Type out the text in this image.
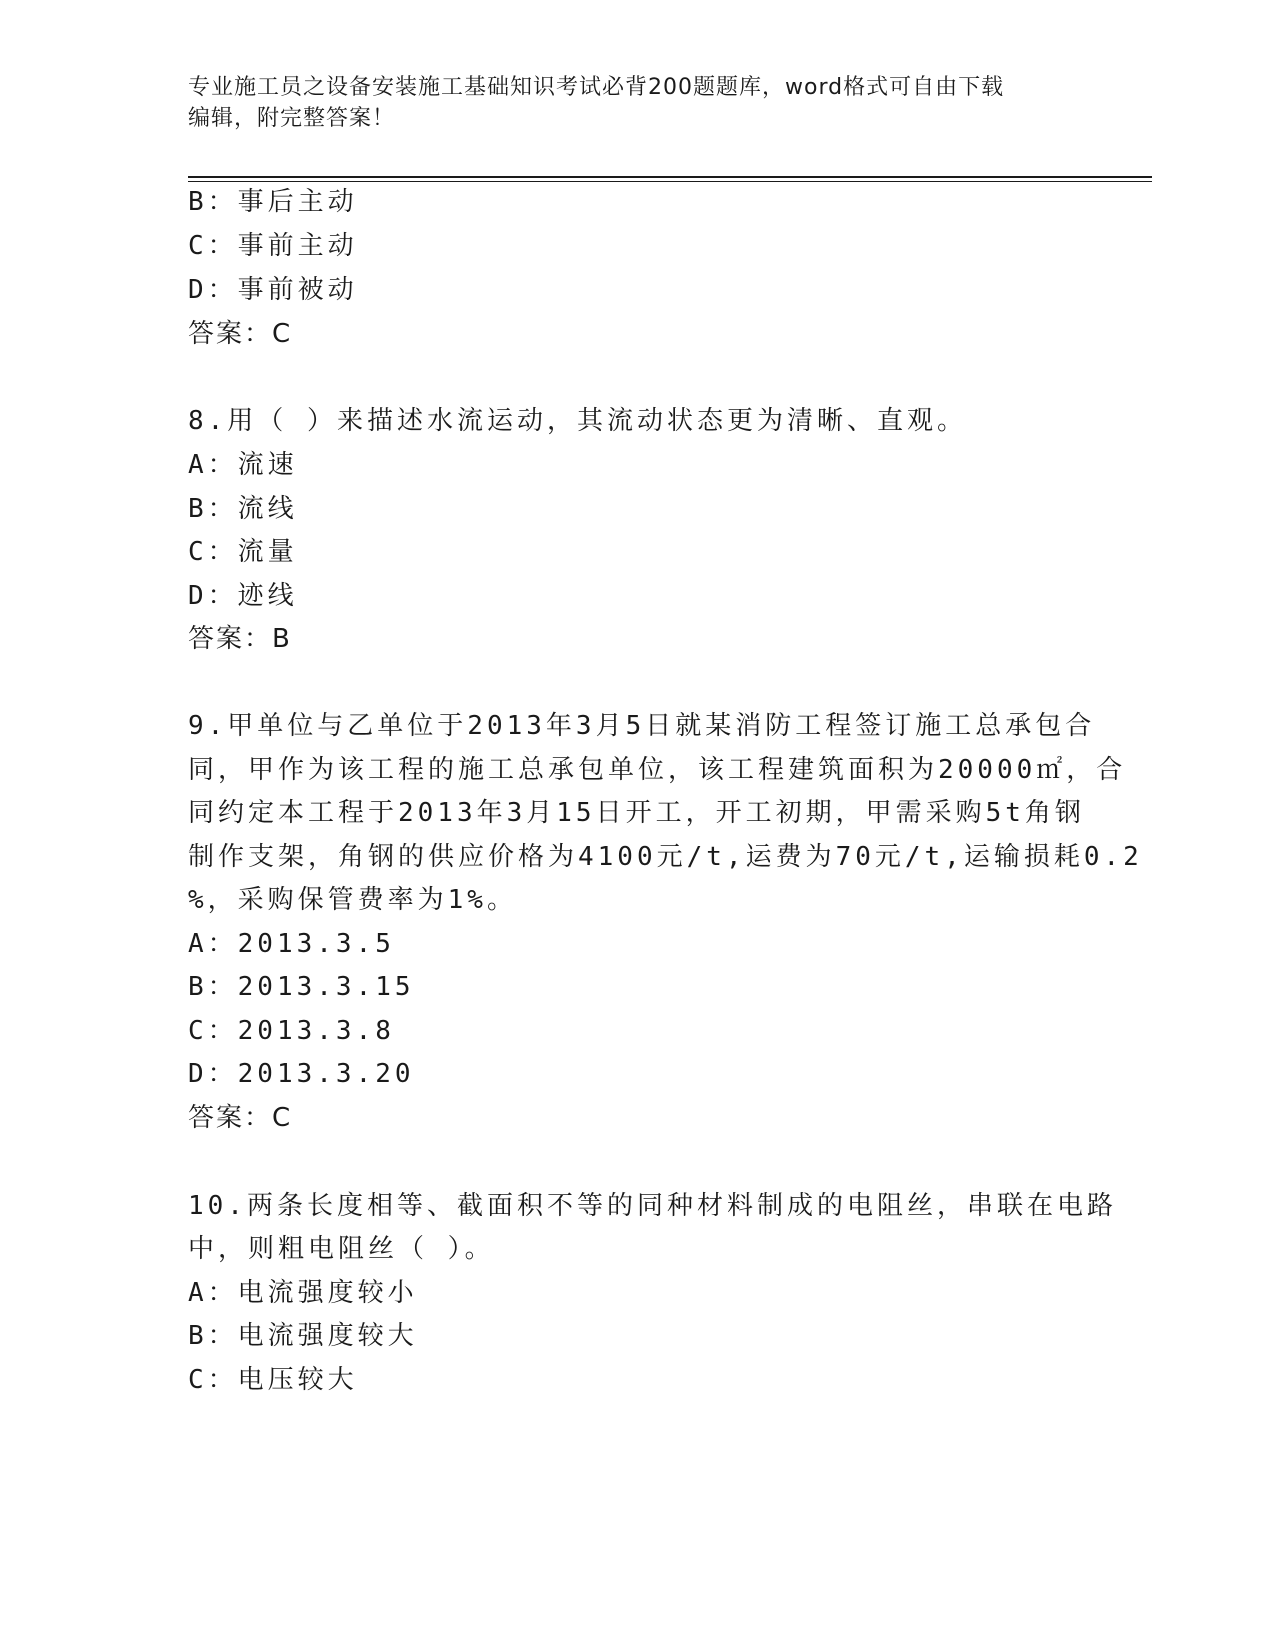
专业施工员之设备安装施工基础知识考试必背200题题库，word格式可自由下载
编辑，附完整答案！
B：事后主动
C：事前主动
D：事前被动
答案：C
8.用（ ）来描述水流运动，其流动状态更为清晰、直观。
A：流速
B：流线
C：流量
D：迹线
答案：B
9.甲单位与乙单位于2013年3月5日就某消防工程签订施工总承包合
同，甲作为该工程的施工总承包单位，该工程建筑面积为20000㎡，合
同约定本工程于2013年3月15日开工，开工初期，甲需采购5t角钢
制作支架，角钢的供应价格为4100元/t,运费为70元/t,运输损耗0.2
%，采购保管费率为1%。
A：2013.3.5
B：2013.3.15
C：2013.3.8
D：2013.3.20
答案：C
10.两条长度相等、截面积不等的同种材料制成的电阻丝，串联在电路
中，则粗电阻丝（ ）。
A：电流强度较小
B：电流强度较大
C：电压较大
